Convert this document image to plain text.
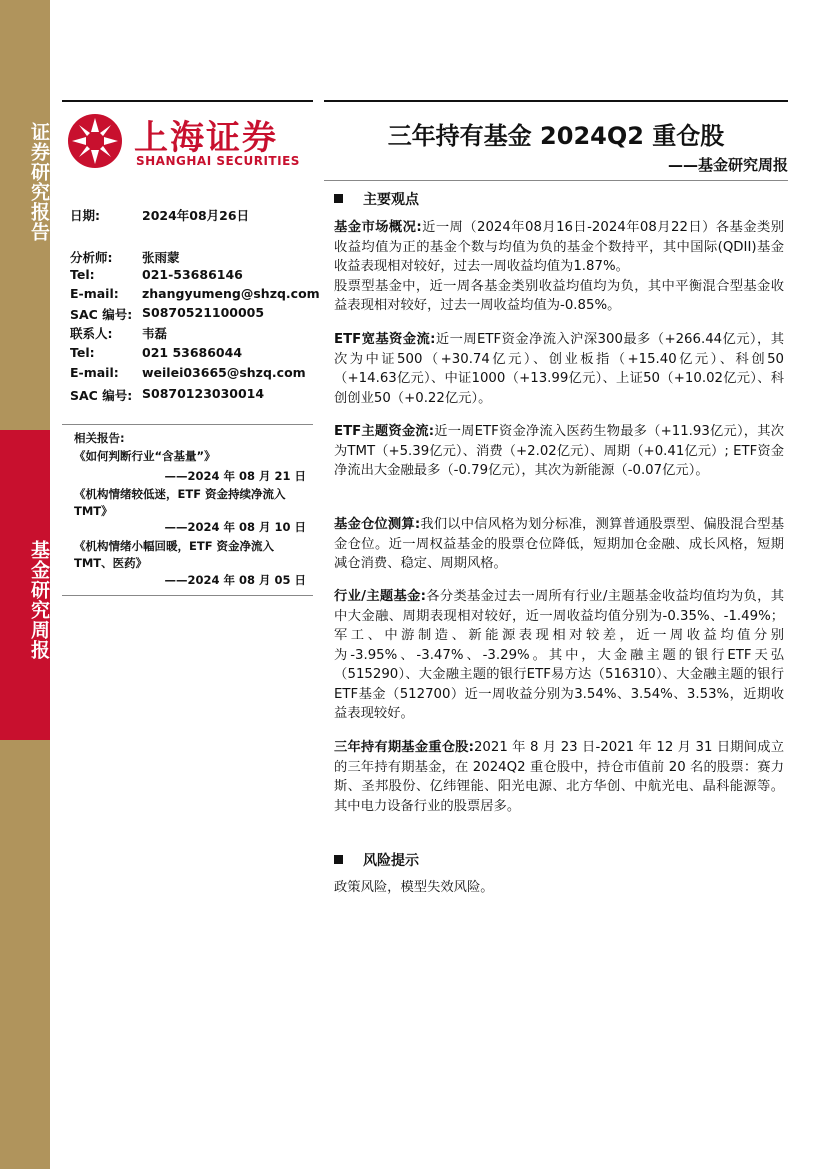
证券研究报告
基金研究周报
上海证券
SHANGHAI SECURITIES
三年持有基金 2024Q2 重仓股
——基金研究周报
日期:	2024年08月26日
分析师: 张雨蒙
Tel:	021-53686146
E-mail: zhangyumeng@shzq.com
SAC 编号: S0870521100005
联系人: 韦磊
Tel:	021 53686044
E-mail: weilei03665@shzq.com
SAC 编号: S0870123030014
相关报告:
《如何判断行业“含基量”》
——2024 年 08 月 21 日
《机构情绪较低迷，ETF 资金持续净流入
TMT》
——2024 年 08 月 10 日
《机构情绪小幅回暖，ETF 资金净流入
TMT、医药》
——2024 年 08 月 05 日
主要观点
基金市场概况:近一周（2024年08月16日-2024年08月22日）各基金类别收益均值为正的基金个数与均值为负的基金个数持平，其中国际(QDII)基金收益表现相对较好，过去一周收益均值为1.87%。
股票型基金中，近一周各基金类别收益均值均为负，其中平衡混合型基金收益表现相对较好，过去一周收益均值为-0.85%。
ETF宽基资金流:近一周ETF资金净流入沪深300最多（+266.44亿元），其次为中证500（+30.74亿元）、创业板指（+15.40亿元）、科创50（+14.63亿元）、中证1000（+13.99亿元）、上证50（+10.02亿元）、科创创业50（+0.22亿元）。
ETF主题资金流:近一周ETF资金净流入医药生物最多（+11.93亿元），其次为TMT（+5.39亿元）、消费（+2.02亿元）、周期（+0.41亿元）; ETF资金净流出大金融最多（-0.79亿元），其次为新能源（-0.07亿元）。
基金仓位测算:我们以中信风格为划分标准，测算普通股票型、偏股混合型基金仓位。近一周权益基金的股票仓位降低，短期加仓金融、成长风格，短期减仓消费、稳定、周期风格。
行业/主题基金:各分类基金过去一周所有行业/主题基金收益均值均为负，其中大金融、周期表现相对较好，近一周收益均值分别为-0.35%、-1.49%；军工、中游制造、新能源表现相对较差，近一周收益均值分别为-3.95%、-3.47%、-3.29%。其中，大金融主题的银行ETF天弘（515290）、大金融主题的银行ETF易方达（516310）、大金融主题的银行ETF基金（512700）近一周收益分别为3.54%、3.54%、3.53%，近期收益表现较好。
三年持有期基金重仓股:2021 年 8 月 23 日-2021 年 12 月 31 日期间成立的三年持有期基金，在 2024Q2 重仓股中，持仓市值前 20 名的股票：赛力斯、圣邦股份、亿纬锂能、阳光电源、北方华创、中航光电、晶科能源等。其中电力设备行业的股票居多。
风险提示
政策风险，模型失效风险。
